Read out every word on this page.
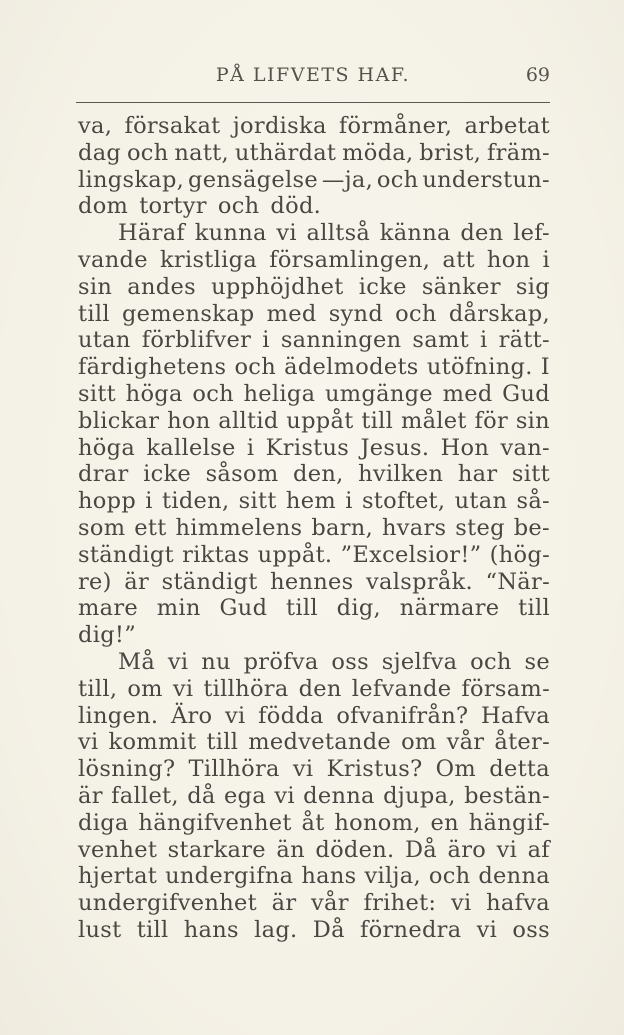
PÅ LIFVETS HAF.	69
va, försakat jordiska förmåner, arbetat
dag och natt, uthärdat möda, brist, främ-
lingskap, gensägelse —ja, och understun-
dom tortyr och död.
Häraf kunna vi alltså känna den lef-
vande kristliga församlingen, att hon i
sin andes upphöjdhet icke sänker sig
till gemenskap med synd och dårskap,
utan förblifver i sanningen samt i rätt-
färdighetens och ädelmodets utöfning. I
sitt höga och heliga umgänge med Gud
blickar hon alltid uppåt till målet för sin
höga kallelse i Kristus Jesus. Hon van-
drar icke såsom den, hvilken har sitt
hopp i tiden, sitt hem i stoftet, utan så-
som ett himmelens barn, hvars steg be-
ständigt riktas uppåt. ”Excelsior!” (hög-
re) är ständigt hennes valspråk. “När-
mare min Gud till dig, närmare till
dig!”
Må vi nu pröfva oss sjelfva och se
till, om vi tillhöra den lefvande försam-
lingen. Äro vi födda ofvanifrån? Hafva
vi kommit till medvetande om vår åter-
lösning? Tillhöra vi Kristus? Om detta
är fallet, då ega vi denna djupa, bestän-
diga hängifvenhet åt honom, en hängif-
venhet starkare än döden. Då äro vi af
hjertat undergifna hans vilja, och denna
undergifvenhet är vår frihet: vi hafva
lust till hans lag. Då förnedra vi oss
